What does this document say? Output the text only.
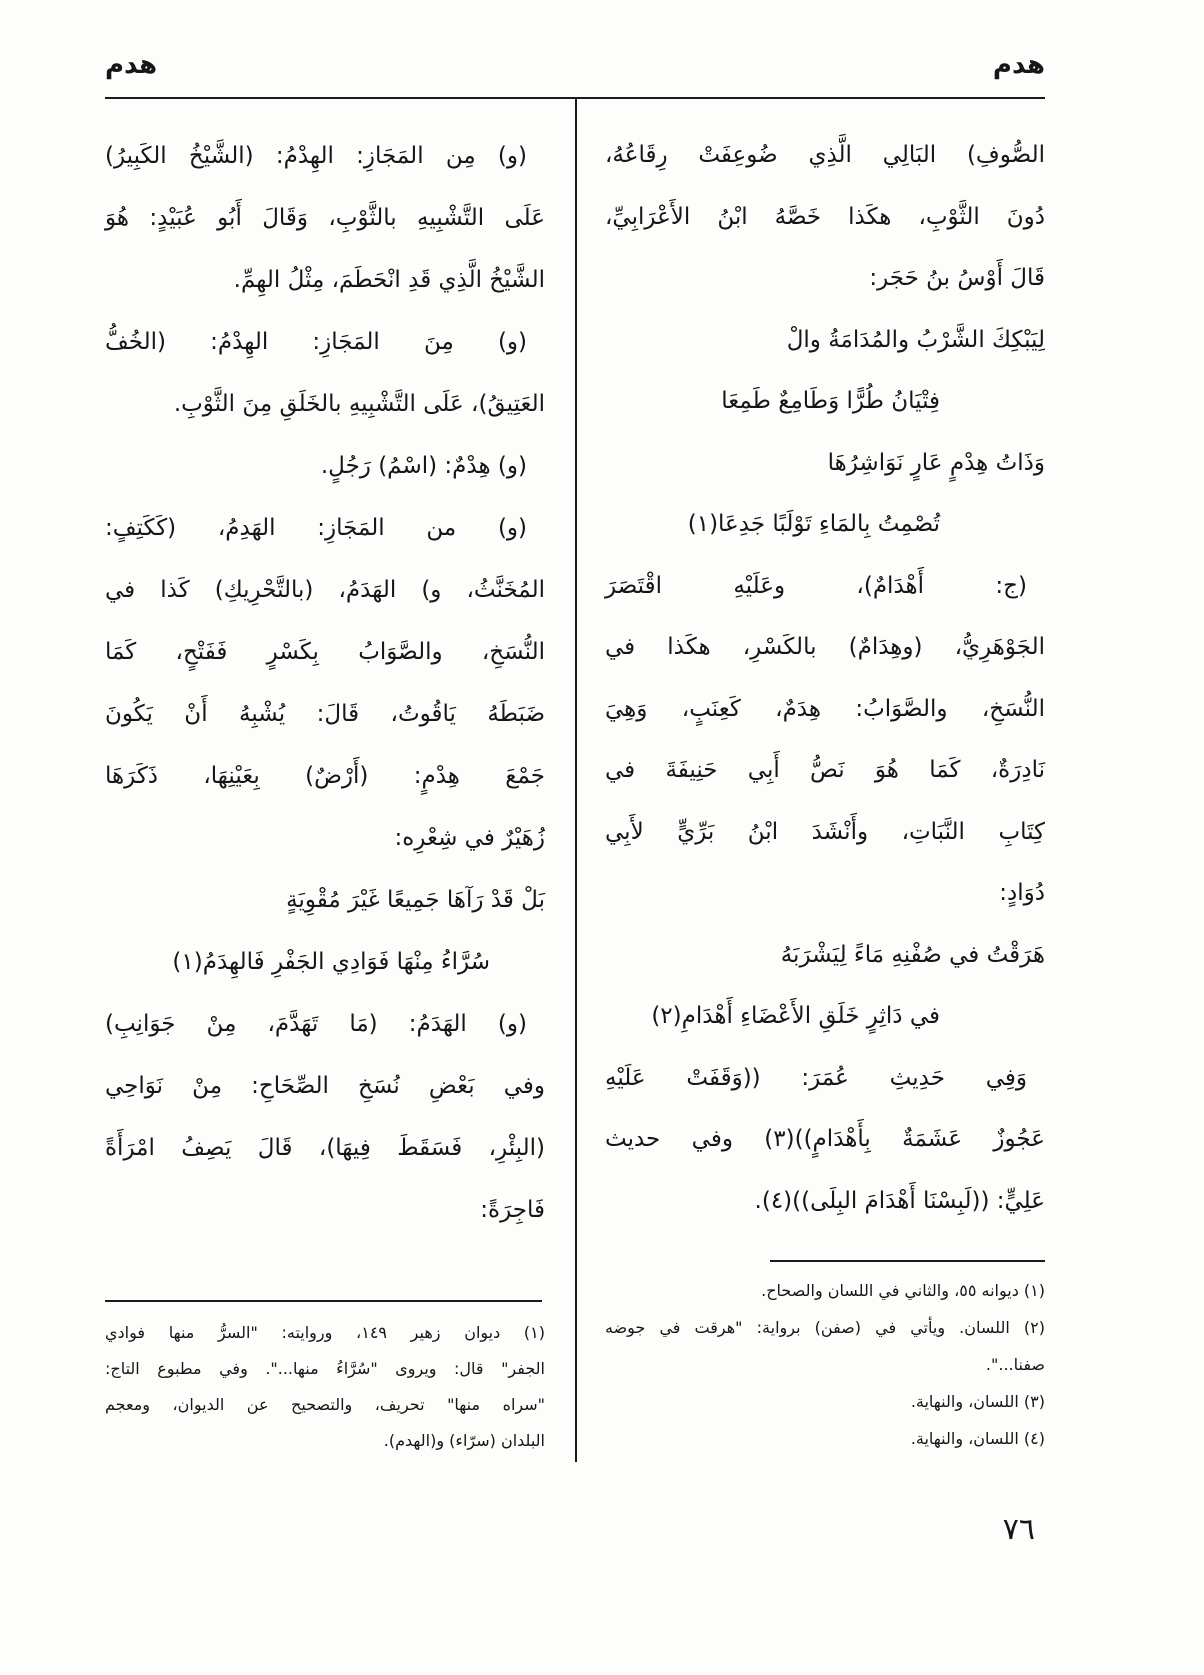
هدم
هدم
الصُّوفِ) البَالِي الَّذِي ضُوعِفَتْ رِقَاعُهُ،
دُونَ الثَّوْبِ، هكَذا خَصَّهُ ابْنُ الأَعْرَابِيِّ،
قَالَ أَوْسُ بنُ حَجَر:
لِيَبْكِكَ الشَّرْبُ والمُدَامَةُ والْ
فِتْيَانُ طُرًّا وَطَامِعٌ طَمِعَا
وَذَاتُ هِدْمٍ عَارٍ نَوَاشِرُهَا
تُصْمِتُ بِالمَاءِ تَوْلَبًا جَدِعَا(١)
(ج: أَهْدَامٌ)، وعَلَيْهِ اقْتَصَرَ
الجَوْهَرِيُّ، (وهِدَامٌ) بالكَسْرِ، هكَذا في
النُّسَخِ، والصَّوَابُ: هِدَمٌ، كَعِنَبٍ، وَهِيَ
نَادِرَةٌ، كَمَا هُوَ نَصُّ أَبِي حَنِيفَةَ في
كِتَابِ النَّبَاتِ، وأَنْشَدَ ابْنُ بَرِّيٍّ لأَبِي
دُوَادٍ:
هَرَقْتُ في صُفْنِهِ مَاءً لِيَشْرَبَهُ
في دَاثِرٍ خَلَقِ الأَعْضَاءِ أَهْدَامِ(٢)
وَفِي حَدِيثِ عُمَرَ: ((وَقَفَتْ عَلَيْهِ
عَجُوزٌ عَشَمَةٌ بِأَهْدَامٍ))(٣) وفي حديث
عَلِيٍّ: ((لَبِسْنَا أَهْدَامَ البِلَى))(٤).
(و) مِن المَجَازِ: الهِدْمُ: (الشَّيْخُ الكَبِيرُ)
عَلَى التَّشْبِيهِ بالثَّوْبِ، وَقَالَ أَبُو عُبَيْدٍ: هُوَ
الشَّيْخُ الَّذِي قَدِ انْحَطَمَ، مِثْلُ الهِمِّ.
(و) مِنَ المَجَازِ: الهِدْمُ: (الخُفُّ
العَتِيقُ)، عَلَى التَّشْبِيهِ بالخَلَقِ مِنَ الثَّوْبِ.
(و) هِدْمٌ: (اسْمُ) رَجُلٍ.
(و) من المَجَازِ: الهَدِمُ، (كَكَتِفٍ:
المُخَنَّثُ، و) الهَدَمُ، (بالتَّحْرِيكِ) كَذا في
النُّسَخِ، والصَّوَابُ بِكَسْرٍ فَفَتْحٍ، كَمَا
ضَبَطَهُ يَاقُوتُ، قَالَ: يُشْبِهُ أَنْ يَكُونَ
جَمْعَ هِدْمٍ: (أَرْضٌ) بِعَيْنِهَا، ذَكَرَهَا
زُهَيْرٌ في شِعْرِه:
بَلْ قَدْ رَآهَا جَمِيعًا غَيْرَ مُقْوِيَةٍ
سُرَّاءُ مِنْهَا فَوَادِي الجَفْرِ فَالهِدَمُ(١)
(و) الهَدَمُ: (مَا تَهَدَّمَ، مِنْ جَوَانِبِ)
وفي بَعْضِ نُسَخِ الصِّحَاحِ: مِنْ نَوَاحِي
(البِئْرِ، فَسَقَطَ فِيهَا)، قَالَ يَصِفُ امْرَأَةً
فَاجِرَةً:
(١) ديوانه ٥٥، والثاني في اللسان والصحاح.
(٢) اللسان. ويأتي في (صفن) برواية: "هرقت في جوضه
صفنا...".
(٣) اللسان، والنهاية.
(٤) اللسان، والنهاية.
(١) ديوان زهير ١٤٩، وروايته: "السرُّ منها فوادي
الجفر" قال: ويروى "سُرَّاءُ منها...". وفي مطبوع التاج:
"سراه منها" تحريف، والتصحيح عن الديوان، ومعجم
البلدان (سرّاء) و(الهدم).
٧٦
